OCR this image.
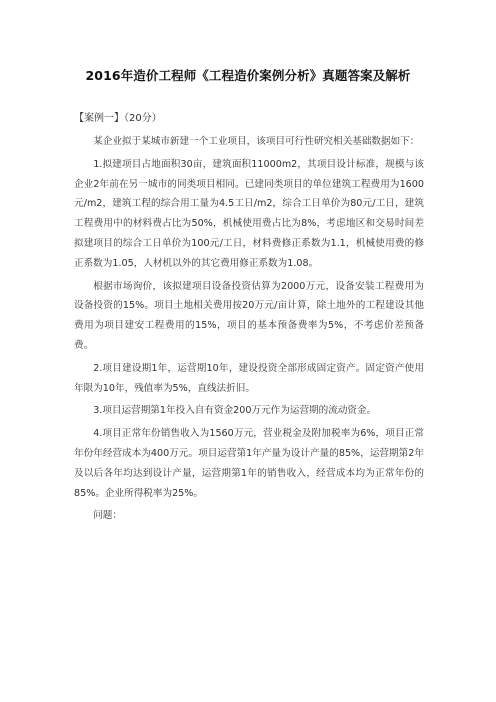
2016年造价工程师《工程造价案例分析》真题答案及解析
【案例一】（20分）

某企业拟于某城市新建一个工业项目，该项目可行性研究相关基础数据如下：

1.拟建项目占地面积30亩，建筑面积11000m2，其项目设计标准，规模与该企业2年前在另一城市的同类项目相同。已建同类项目的单位建筑工程费用为1600元/m2，建筑工程的综合用工量为4.5工日/m2，综合工日单价为80元/工日，建筑工程费用中的材料费占比为50%，机械使用费占比为8%，考虑地区和交易时间差拟建项目的综合工日单价为100元/工日，材料费修正系数为1.1，机械使用费的修正系数为1.05，人材机以外的其它费用修正系数为1.08。

根据市场询价，该拟建项目设备投资估算为2000万元，设备安装工程费用为设备投资的15%。项目土地相关费用按20万元/亩计算，除土地外的工程建设其他费用为项目建安工程费用的15%，项目的基本预备费率为5%，不考虑价差预备费。

2.项目建设期1年，运营期10年，建设投资全部形成固定资产。固定资产使用年限为10年，残值率为5%，直线法折旧。

3.项目运营期第1年投入自有资金200万元作为运营期的流动资金。

4.项目正常年份销售收入为1560万元，营业税金及附加税率为6%，项目正常年份年经营成本为400万元。项目运营第1年产量为设计产量的85%，运营期第2年及以后各年均达到设计产量，运营期第1年的销售收入，经营成本均为正常年份的85%。企业所得税率为25%。

问题：
